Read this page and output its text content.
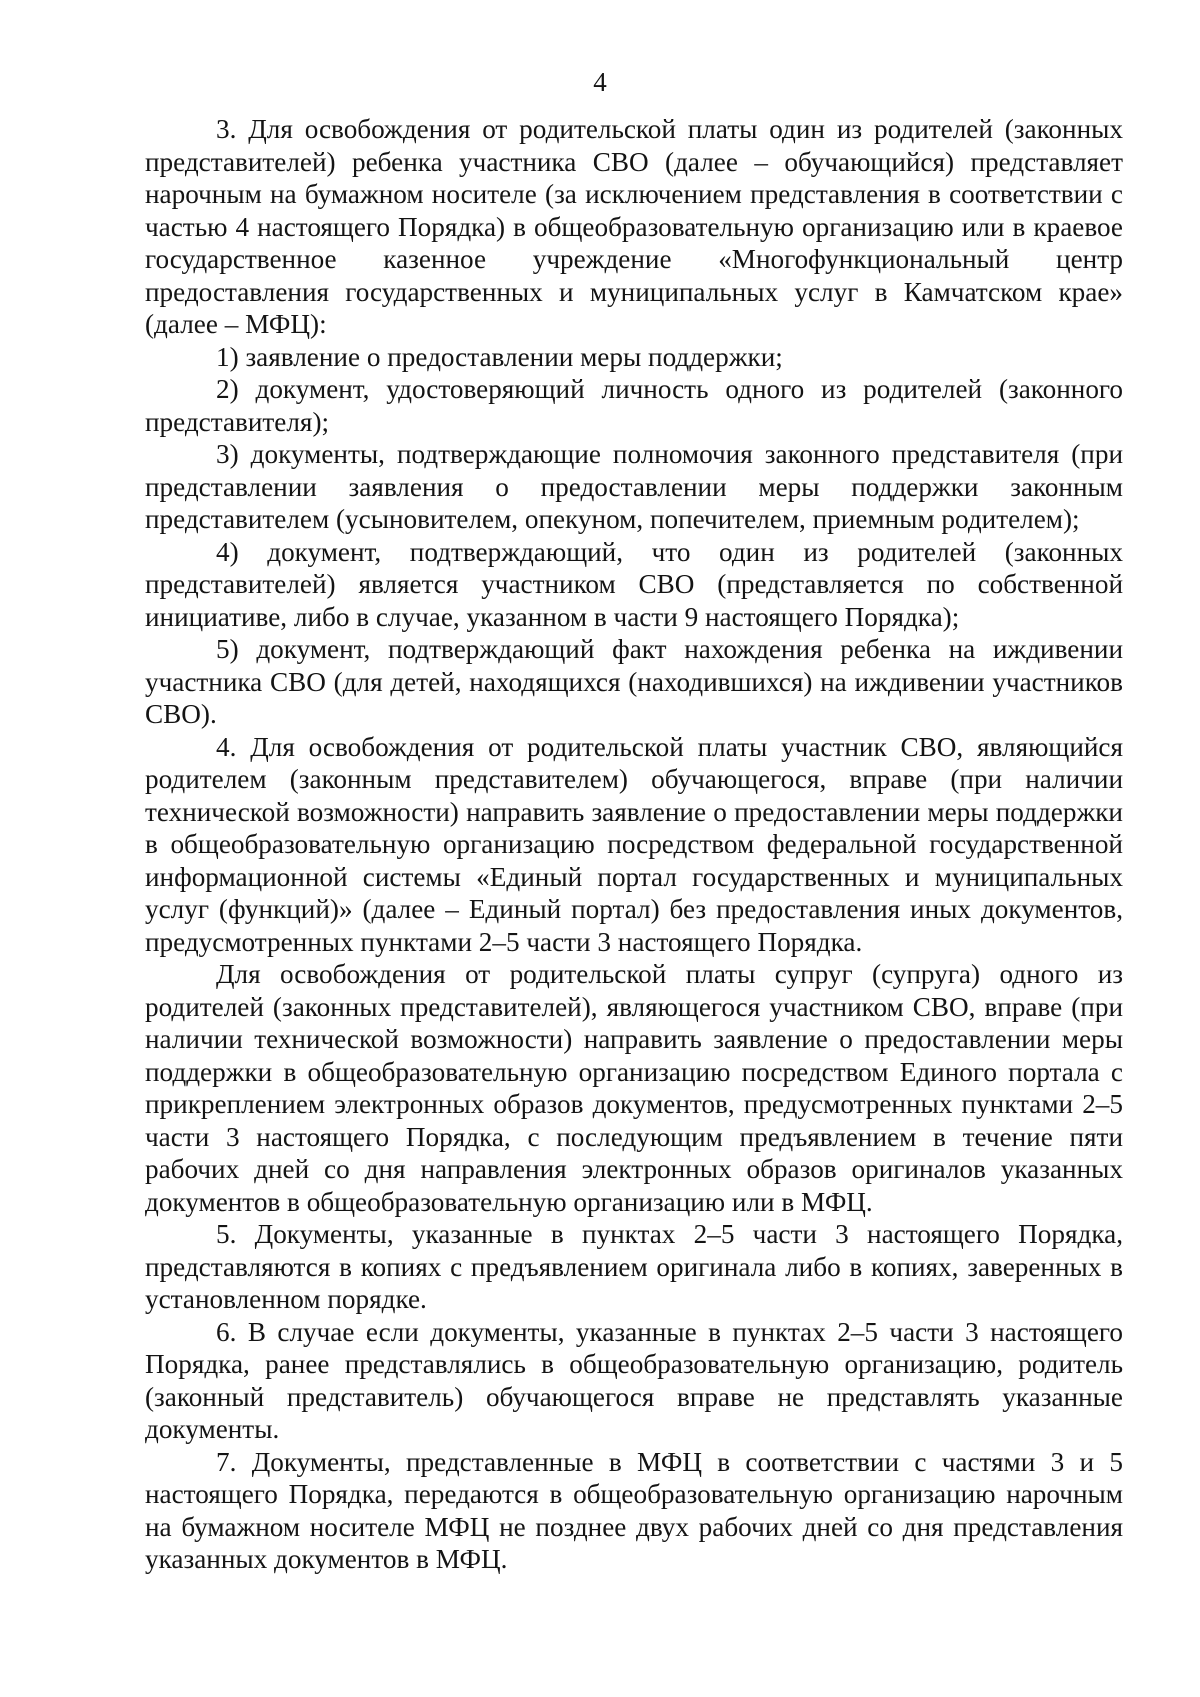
4

3. Для освобождения от родительской платы один из родителей (законных представителей) ребенка участника СВО (далее – обучающийся) представляет нарочным на бумажном носителе (за исключением представления в соответствии с частью 4 настоящего Порядка) в общеобразовательную организацию или в краевое государственное казенное учреждение «Многофункциональный центр предоставления государственных и муниципальных услуг в Камчатском крае» (далее – МФЦ):

1) заявление о предоставлении меры поддержки;

2) документ, удостоверяющий личность одного из родителей (законного представителя);

3) документы, подтверждающие полномочия законного представителя (при представлении заявления о предоставлении меры поддержки законным представителем (усыновителем, опекуном, попечителем, приемным родителем);

4) документ, подтверждающий, что один из родителей (законных представителей) является участником СВО (представляется по собственной инициативе, либо в случае, указанном в части 9 настоящего Порядка);

5) документ, подтверждающий факт нахождения ребенка на иждивении участника СВО (для детей, находящихся (находившихся) на иждивении участников СВО).

4. Для освобождения от родительской платы участник СВО, являющийся родителем (законным представителем) обучающегося, вправе (при наличии технической возможности) направить заявление о предоставлении меры поддержки в общеобразовательную организацию посредством федеральной государственной информационной системы «Единый портал государственных и муниципальных услуг (функций)» (далее – Единый портал) без предоставления иных документов, предусмотренных пунктами 2–5 части 3 настоящего Порядка.

Для освобождения от родительской платы супруг (супруга) одного из родителей (законных представителей), являющегося участником СВО, вправе (при наличии технической возможности) направить заявление о предоставлении меры поддержки в общеобразовательную организацию посредством Единого портала с прикреплением электронных образов документов, предусмотренных пунктами 2–5 части 3 настоящего Порядка, с последующим предъявлением в течение пяти рабочих дней со дня направления электронных образов оригиналов указанных документов в общеобразовательную организацию или в МФЦ.

5. Документы, указанные в пунктах 2–5 части 3 настоящего Порядка, представляются в копиях с предъявлением оригинала либо в копиях, заверенных в установленном порядке.

6. В случае если документы, указанные в пунктах 2–5 части 3 настоящего Порядка, ранее представлялись в общеобразовательную организацию, родитель (законный представитель) обучающегося вправе не представлять указанные документы.

7. Документы, представленные в МФЦ в соответствии с частями 3 и 5 настоящего Порядка, передаются в общеобразовательную организацию нарочным на бумажном носителе МФЦ не позднее двух рабочих дней со дня представления указанных документов в МФЦ.
